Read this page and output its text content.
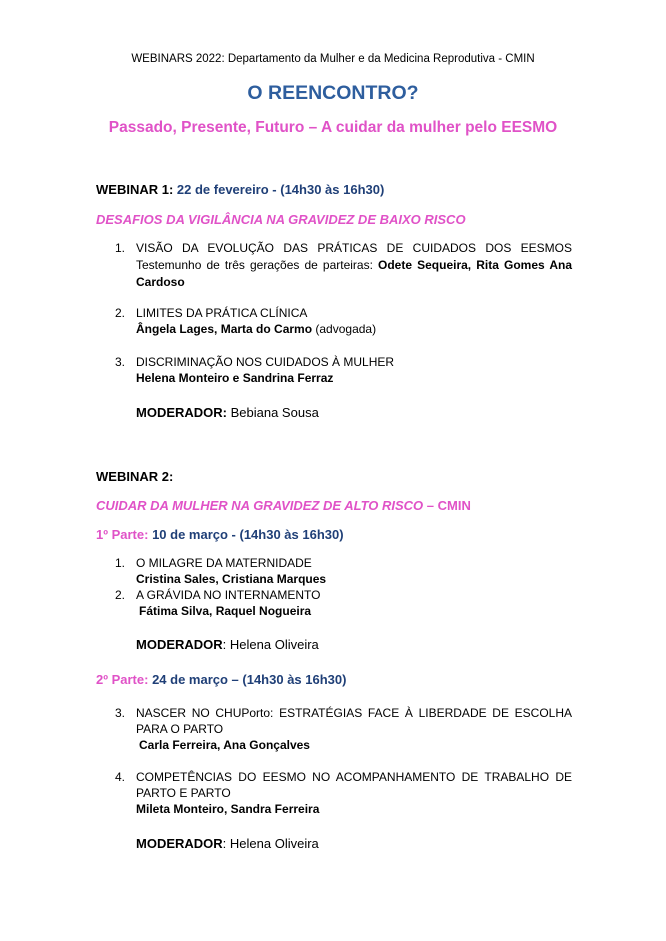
WEBINARS 2022: Departamento da Mulher e da Medicina Reprodutiva - CMIN
O REENCONTRO?
Passado, Presente, Futuro – A cuidar da mulher pelo EESMO
WEBINAR 1: 22 de fevereiro - (14h30 às 16h30)
DESAFIOS DA VIGILÂNCIA NA GRAVIDEZ DE BAIXO RISCO
1. VISÃO DA EVOLUÇÃO DAS PRÁTICAS DE CUIDADOS DOS EESMOS
Testemunho de três gerações de parteiras: Odete Sequeira, Rita Gomes Ana
Cardoso
2. LIMITES DA PRÁTICA CLÍNICA
Ângela Lages, Marta do Carmo (advogada)
3. DISCRIMINAÇÃO NOS CUIDADOS À MULHER
Helena Monteiro e Sandrina Ferraz
MODERADOR: Bebiana Sousa
WEBINAR 2:
CUIDAR DA MULHER NA GRAVIDEZ DE ALTO RISCO – CMIN
1º Parte: 10 de março - (14h30 às 16h30)
1. O MILAGRE DA MATERNIDADE
Cristina Sales, Cristiana Marques
2. A GRÁVIDA NO INTERNAMENTO
Fátima Silva, Raquel Nogueira
MODERADOR: Helena Oliveira
2º Parte: 24 de março – (14h30 às 16h30)
3. NASCER NO CHUPorto: ESTRATÉGIAS FACE À LIBERDADE DE ESCOLHA
PARA O PARTO
Carla Ferreira, Ana Gonçalves
4. COMPETÊNCIAS DO EESMO NO ACOMPANHAMENTO DE TRABALHO DE
PARTO E PARTO
Mileta Monteiro, Sandra Ferreira
MODERADOR: Helena Oliveira
